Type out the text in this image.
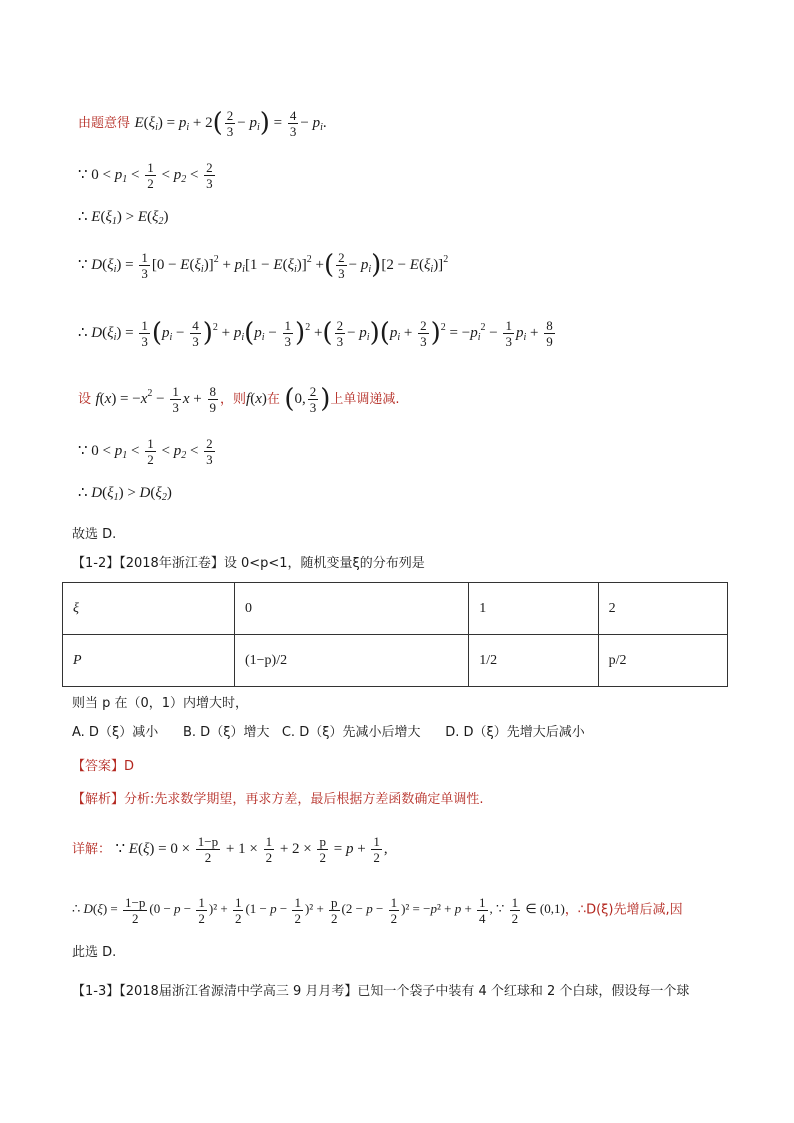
由题意得 $E(\xi_i) = p_i + 2( \frac{2}{3} - p_i) = \frac{4}{3} - p_i$.
∵ $0 < p_1 < \frac{1}{2} < p_2 < \frac{2}{3}$
∴ $E(\xi_1) > E(\xi_2)$
∵ $D(\xi_i) = \frac{1}{3} [0 - E(\xi_i)]^2 + p_i[1 - E(\xi_i)]^2$ +( $\frac{2}{3} - p_i)[2 - E(\xi_i)]^2$
∴ $D(\xi_i) = \frac{1}{3} (p_i - \frac{4}{3} )^2 + p_i(p_i - \frac{1}{3} )^2$ +( $\frac{2}{3} - p_i)(p_i + \frac{2}{3} )^2 = -p_i^2 - \frac{1}{3} p_i + \frac{8}{9}$
设 $f(x) = -x^2 - \frac{1}{3}$ $x + \frac{8}{9}$ ，则f(x)在 (0, $\frac{2}{3}$ )上单调递减.
∵ $0 < p_1 < \frac{1}{2} < p_2 < \frac{2}{3}$
∴ $D(\xi_1) > D(\xi_2)$
故选 D.
【1-2】【2018年浙江卷】设 0<p<1，随机变量ξ的分布列是
ξ	0	1	2
P	(1−p)/2	1/2	p/2
则当 p 在（0，1）内增大时，
A. D（ξ）减小 B. D（ξ）增大 C. D（ξ）先减小后增大 D. D（ξ）先增大后减小
【答案】D
【解析】分析:先求数学期望，再求方差，最后根据方差函数确定单调性.
详解： ∵ $E(\xi) = 0 \times \frac{1-p}{2} + 1 \times \frac{1}{2} + 2 \times \frac{p}{2} = p + \frac{1}{2}$ ,
∴ $D(\xi) = \frac{1-p}{2} (0 - p - \frac{1}{2} )^2 + \frac{1}{2} (1 - p - \frac{1}{2} )^2 + \frac{p}{2} (2 - p - \frac{1}{2} )^2 = -p^2 + p + \frac{1}{4}$ , ∵ $\frac{1}{2}$ ∈ (0,1)，∴D(ξ)先增后减,因
此选 D.
【1-3】【2018届浙江省源清中学高三 9 月月考】已知一个袋子中装有 4 个红球和 2 个白球，假设每一个球
